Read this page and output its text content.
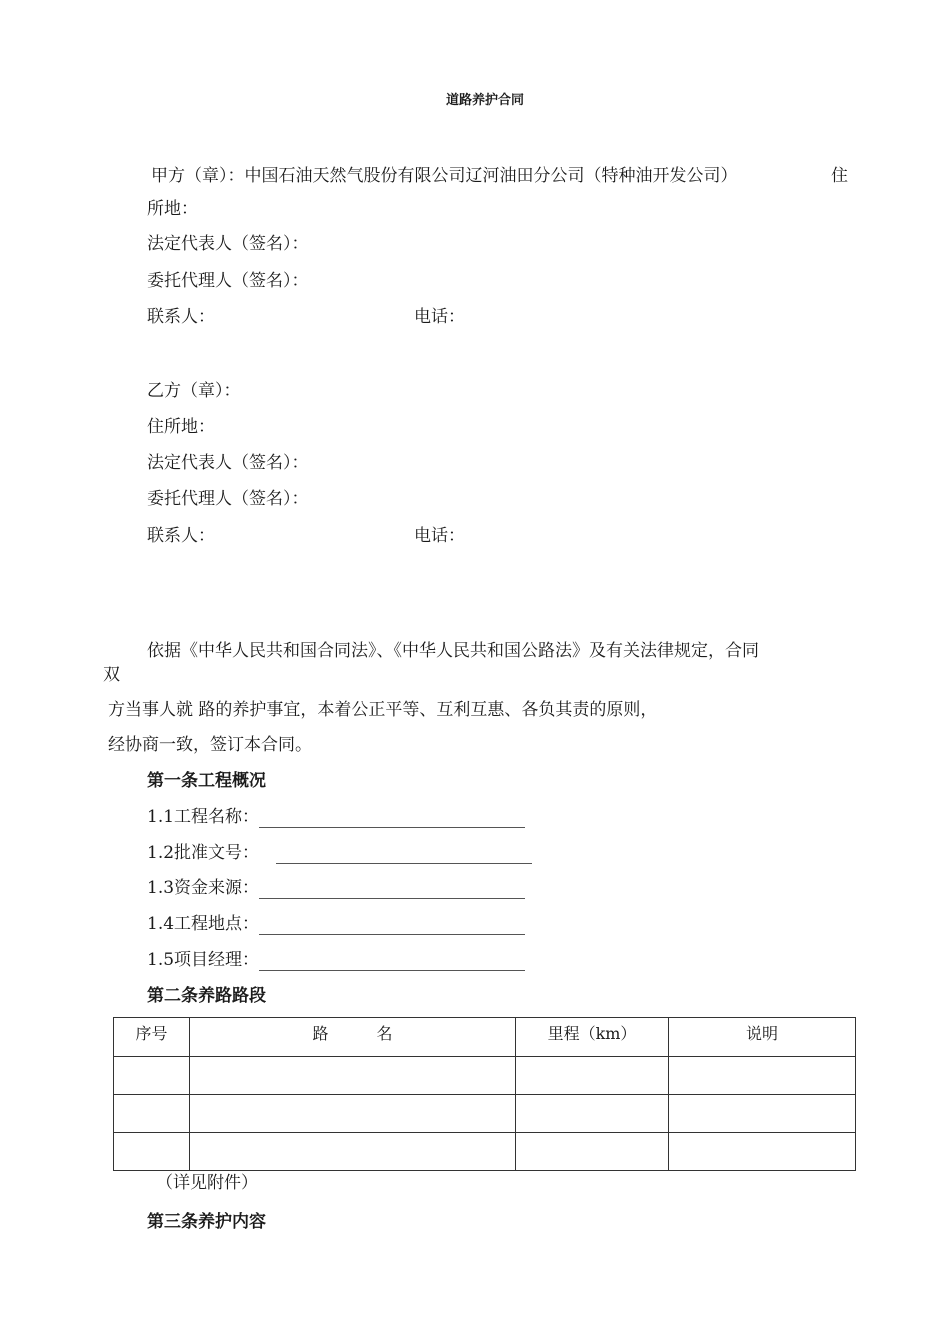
道路养护合同
甲方（章）：中国石油天然气股份有限公司辽河油田分公司（特种油开发公司）	住
所地：
法定代表人（签名）：
委托代理人（签名）：
联系人：	电话：
乙方（章）：
住所地：
法定代表人（签名）：
委托代理人（签名）：
联系人：	电话：
依据《中华人民共和国合同法》、《中华人民共和国公路法》及有关法律规定，合同
双
方当事人就 路的养护事宜，本着公正平等、互利互惠、各负其责的原则，
经协商一致，签订本合同。
第一条工程概况
1.1工程名称：
1.2批准文号：
1.3资金来源：
1.4工程地点：
1.5项目经理：
第二条养路路段
序号	路　　　名	里程（km）	说明

（详见附件）
第三条养护内容
